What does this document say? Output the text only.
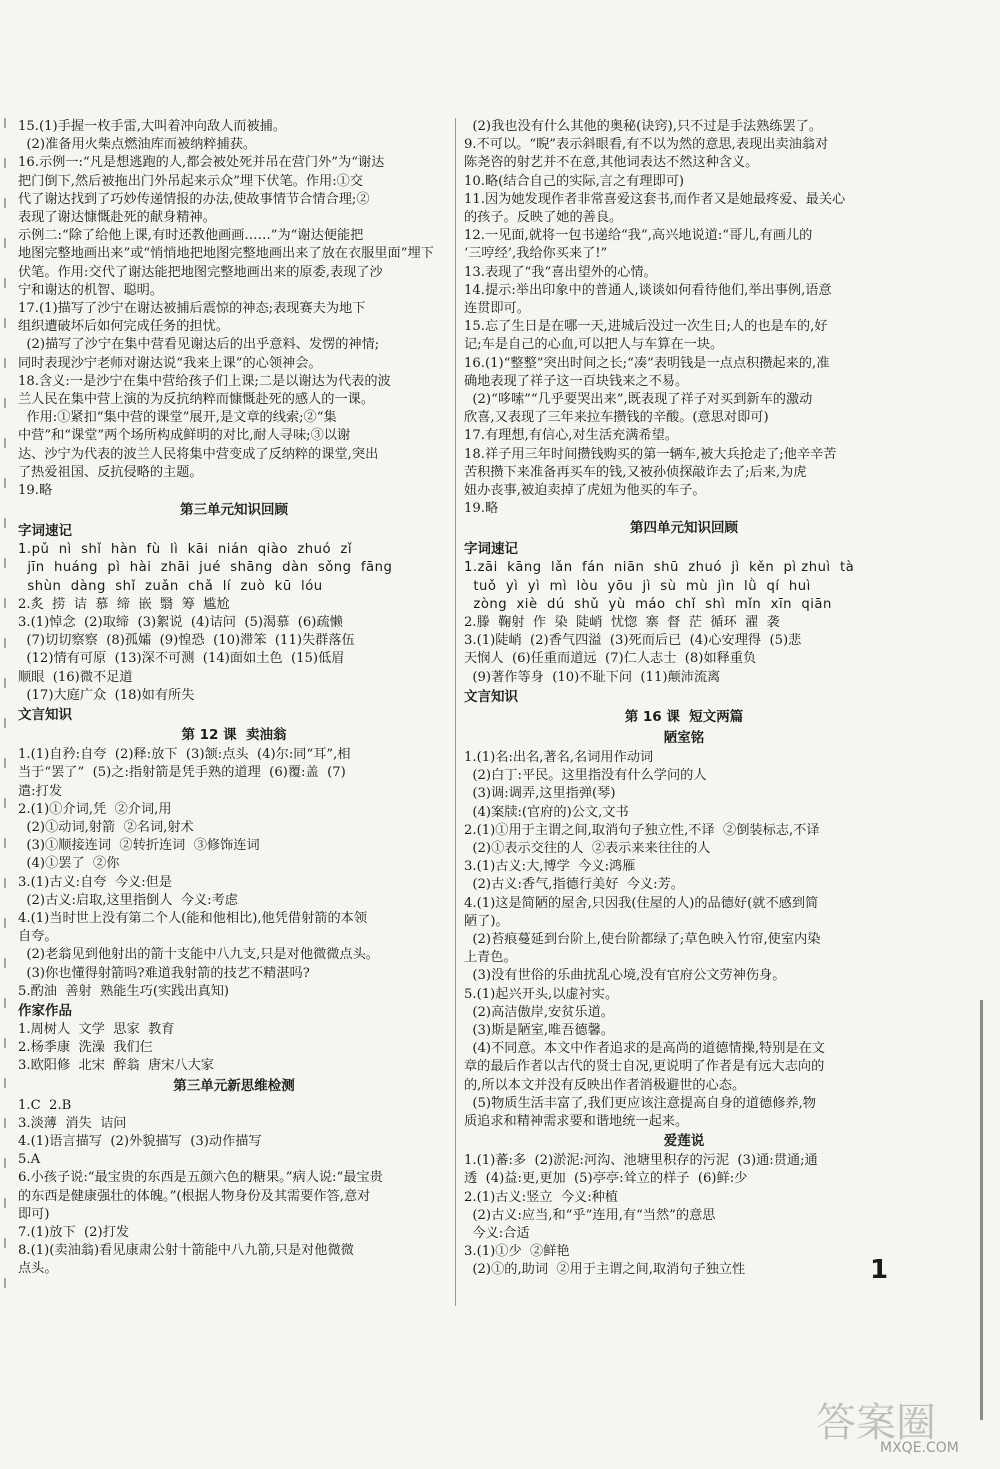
15.(1)手握一枚手雷,大叫着冲向敌人而被捕。
(2)准备用火柴点燃油库而被纳粹捕获。
16.示例一:“凡是想逃跑的人,都会被处死并吊在营门外”为“谢达
把门倒下,然后被拖出门外吊起来示众”埋下伏笔。作用:①交
代了谢达找到了巧妙传递情报的办法,使故事情节合情合理;②
表现了谢达慷慨赴死的献身精神。
示例二:“除了给他上课,有时还教他画画……”为“谢达便能把
地图完整地画出来”或“悄悄地把地图完整地画出来了放在衣服里面”埋下
伏笔。作用:交代了谢达能把地图完整地画出来的原委,表现了沙
宁和谢达的机智、聪明。
17.(1)描写了沙宁在谢达被捕后震惊的神态;表现赛夫为地下
组织遭破坏后如何完成任务的担忧。
(2)描写了沙宁在集中营看见谢达后的出乎意料、发愣的神情;
同时表现沙宁老师对谢达说“我来上课”的心领神会。
18.含义:一是沙宁在集中营给孩子们上课;二是以谢达为代表的波
兰人民在集中营上演的为反抗纳粹而慷慨赴死的感人的一课。
作用:①紧扣“集中营的课堂”展开,是文章的线索;②“集
中营”和“课堂”两个场所构成鲜明的对比,耐人寻味;③以谢
达、沙宁为代表的波兰人民将集中营变成了反纳粹的课堂,突出
了热爱祖国、反抗侵略的主题。
19.略
第三单元知识回顾
字词速记
1.pǔ  nì  shǐ  hàn  fù  lì  kāi  nián  qiào  zhuó  zǐ
jīn  huáng  pì  hài  zhāi  jué  shāng  dàn  sǒng  fāng
shùn  dàng  shǐ  zuǎn  chǎ  lí  zuò  kū  lóu
2.炙  捞  诘  慕  缔  嵌  翳  筹  尴尬
3.(1)悼念  (2)取缔  (3)絮说  (4)诘问  (5)渴慕  (6)疏懒
(7)切切察察  (8)孤孀  (9)惶恐  (10)滞笨  (11)失群落伍
(12)情有可原  (13)深不可测  (14)面如土色  (15)低眉
顺眼  (16)微不足道
(17)大庭广众  (18)如有所失
文言知识
第 12 课  卖油翁
1.(1)自矜:自夸  (2)释:放下  (3)颔:点头  (4)尔:同“耳”,相
当于“罢了”  (5)之:指射箭是凭手熟的道理  (6)覆:盖  (7)
遣:打发
2.(1)①介词,凭  ②介词,用
(2)①动词,射箭  ②名词,射术
(3)①顺接连词  ②转折连词  ③修饰连词
(4)①罢了  ②你
3.(1)古义:自夸  今义:但是
(2)古义:启取,这里指倒人  今义:考虑
4.(1)当时世上没有第二个人(能和他相比),他凭借射箭的本领
自夸。
(2)老翁见到他射出的箭十支能中八九支,只是对他微微点头。
(3)你也懂得射箭吗?难道我射箭的技艺不精湛吗?
5.酌油  善射  熟能生巧(实践出真知)
作家作品
1.周树人  文学  思家  教育
2.杨季康  洗澡  我们仨
3.欧阳修  北宋  醉翁  唐宋八大家
第三单元新思维检测
1.C  2.B
3.淡薄  消失  诘问
4.(1)语言描写  (2)外貌描写  (3)动作描写
5.A
6.小孩子说:“最宝贵的东西是五颜六色的糖果。”病人说:“最宝贵
的东西是健康强壮的体魄。”(根据人物身份及其需要作答,意对
即可)
7.(1)放下  (2)打发
8.(1)(卖油翁)看见康肃公射十箭能中八九箭,只是对他微微
点头。
(2)我也没有什么其他的奥秘(诀窍),只不过是手法熟练罢了。
9.不可以。“睨”表示斜眼看,有不以为然的意思,表现出卖油翁对
陈尧咨的射艺并不在意,其他词表达不然这种含义。
10.略(结合自己的实际,言之有理即可)
11.因为她发现作者非常喜爱这套书,而作者又是她最疼爱、最关心
的孩子。反映了她的善良。
12.一见面,就将一包书递给“我”,高兴地说道:“哥儿,有画儿的
‘三哼经’,我给你买来了!”
13.表现了“我”喜出望外的心情。
14.提示:举出印象中的普通人,谈谈如何看待他们,举出事例,语意
连贯即可。
15.忘了生日是在哪一天,进城后没过一次生日;人的也是车的,好
记;车是自己的心血,可以把人与车算在一块。
16.(1)“整整”突出时间之长;“凑”表明钱是一点点积攒起来的,准
确地表现了祥子这一百块钱来之不易。
(2)“哆嗦”“几乎要哭出来”,既表现了祥子对买到新车的激动
欣喜,又表现了三年来拉车攒钱的辛酸。(意思对即可)
17.有理想,有信心,对生活充满希望。
18.祥子用三年时间攒钱购买的第一辆车,被大兵抢走了;他辛辛苦
苦积攒下来准备再买车的钱,又被孙侦探敲诈去了;后来,为虎
妞办丧事,被迫卖掉了虎妞为他买的车子。
19.略
第四单元知识回顾
字词速记
1.zāi  kāng  lǎn  fán  niān  shū  zhuó  jì  kěn  pì zhuì  tà
tuǒ  yì  yì  mì  lòu  yōu  jì  sù  mù  jìn  lǜ  qí  huì
zòng  xiè  dú  shǔ  yù  máo  chǐ  shì  mǐn  xīn  qiān
2.滕  鞠射  作  染  陡峭  忧惚  寨  督  茫  循环  濯  袭
3.(1)陡峭  (2)香气四溢  (3)死而后已  (4)心安理得  (5)悲
天悯人  (6)任重而道远  (7)仁人志士  (8)如释重负
(9)著作等身  (10)不耻下问  (11)颠沛流离
文言知识
第 16 课  短文两篇
陋室铭
1.(1)名:出名,著名,名词用作动词
(2)白丁:平民。这里指没有什么学问的人
(3)调:调弄,这里指弹(琴)
(4)案牍:(官府的)公文,文书
2.(1)①用于主谓之间,取消句子独立性,不译  ②倒装标志,不译
(2)①表示交往的人  ②表示来来往往的人
3.(1)古义:大,博学  今义:鸿雁
(2)古义:香气,指德行美好  今义:芳。
4.(1)这是简陋的屋舍,只因我(住屋的人)的品德好(就不感到简
陋了)。
(2)苔痕蔓延到台阶上,使台阶都绿了;草色映入竹帘,使室内染
上青色。
(3)没有世俗的乐曲扰乱心境,没有官府公文劳神伤身。
5.(1)起兴开头,以虚衬实。
(2)高洁傲岸,安贫乐道。
(3)斯是陋室,唯吾德馨。
(4)不同意。本文中作者追求的是高尚的道德情操,特别是在文
章的最后作者以古代的贤士自况,更说明了作者是有远大志向的
的,所以本文并没有反映出作者消极避世的心态。
(5)物质生活丰富了,我们更应该注意提高自身的道德修养,物
质追求和精神需求要和谐地统一起来。
爱莲说
1.(1)蕃:多  (2)淤泥:河沟、池塘里积存的污泥  (3)通:贯通;通
透  (4)益:更,更加  (5)亭亭:耸立的样子  (6)鲜:少
2.(1)古义:竖立  今义:种植
(2)古义:应当,和“乎”连用,有“当然”的意思
今义:合适
3.(1)①少  ②鲜艳
(2)①的,助词  ②用于主谓之间,取消句子独立性	1
答案圈
MXQE.COM
